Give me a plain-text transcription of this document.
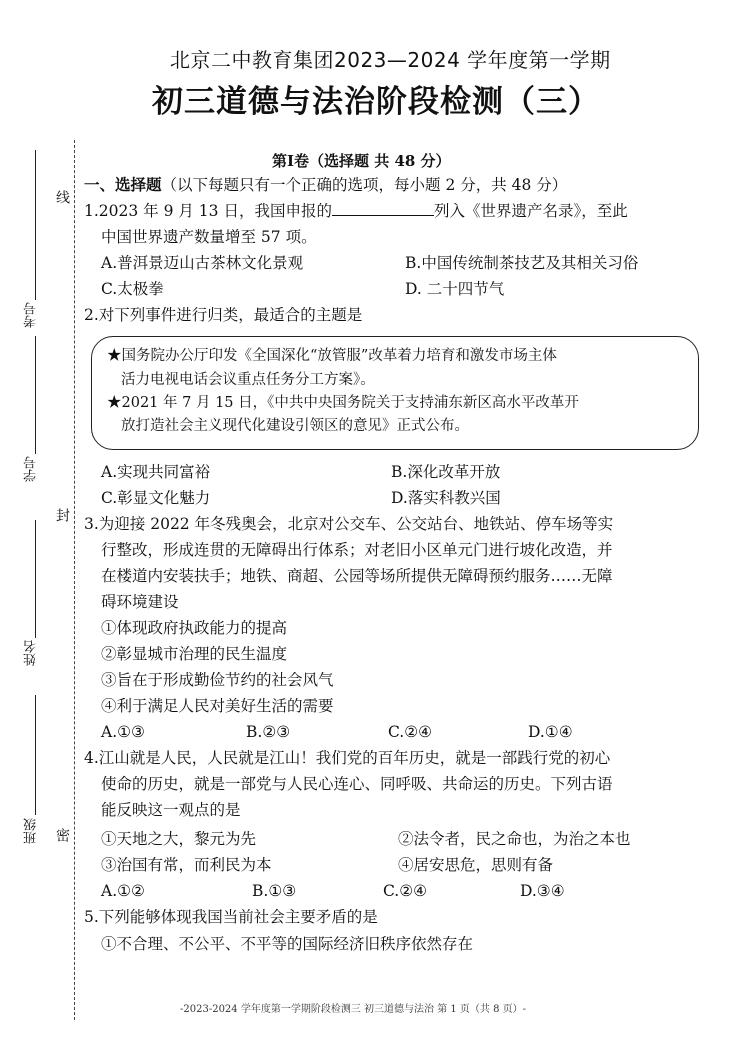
线
封
密
考号
学号
姓名
班级
北京二中教育集团2023—2024 学年度第一学期
初三道德与法治阶段检测（三）
第Ⅰ卷（选择题 共 48 分）
一、选择题（以下每题只有一个正确的选项，每小题 2 分，共 48 分）
1.2023 年 9 月 13 日，我国申报的	列入《世界遗产名录》，至此
中国世界遗产数量增至 57 项。
A.普洱景迈山古茶林文化景观	B.中国传统制茶技艺及其相关习俗
C.太极拳	D. 二十四节气
2.对下列事件进行归类，最适合的主题是
★国务院办公厅印发《全国深化“放管服”改革着力培育和激发市场主体
活力电视电话会议重点任务分工方案》。
★2021 年 7 月 15 日，《中共中央国务院关于支持浦东新区高水平改革开
放打造社会主义现代化建设引领区的意见》正式公布。
A.实现共同富裕	B.深化改革开放
C.彰显文化魅力	D.落实科教兴国
3.为迎接 2022 年冬残奥会，北京对公交车、公交站台、地铁站、停车场等实
行整改，形成连贯的无障碍出行体系；对老旧小区单元门进行坡化改造，并
在楼道内安装扶手；地铁、商超、公园等场所提供无障碍预约服务……无障
碍环境建设
①体现政府执政能力的提高
②彰显城市治理的民生温度
③旨在于形成勤俭节约的社会风气
④利于满足人民对美好生活的需要
A.①③	B.②③	C.②④	D.①④
4.江山就是人民，人民就是江山！我们党的百年历史，就是一部践行党的初心
使命的历史，就是一部党与人民心连心、同呼吸、共命运的历史。下列古语
能反映这一观点的是
①天地之大，黎元为先	②法令者，民之命也，为治之本也
③治国有常，而利民为本	④居安思危，思则有备
A.①②	B.①③	C.②④	D.③④
5.下列能够体现我国当前社会主要矛盾的是
①不合理、不公平、不平等的国际经济旧秩序依然存在
-2023-2024 学年度第一学期阶段检测三 初三道德与法治 第 1 页（共 8 页）-
